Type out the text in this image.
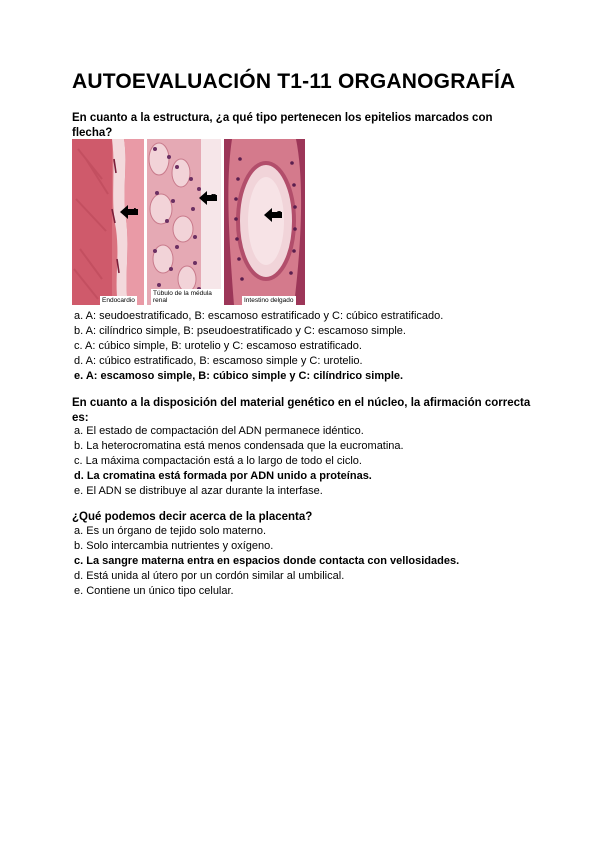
AUTOEVALUACIÓN T1-11 ORGANOGRAFÍA

En cuanto a la estructura, ¿a qué tipo pertenecen los epitelios marcados con flecha?

A
Endocardio
B
Túbulo de la médula renal
C
Intestino delgado
a. A: seudoestratificado, B: escamoso estratificado y C: cúbico estratificado.
b. A: cilíndrico simple, B: pseudoestratificado y C: escamoso simple.
c. A: cúbico simple, B: urotelio y C: escamoso estratificado.
d. A: cúbico estratificado, B: escamoso simple y C: urotelio.
e. A: escamoso simple, B: cúbico simple y C: cilíndrico simple.

En cuanto a la disposición del material genético en el núcleo, la afirmación correcta es:

a. El estado de compactación del ADN permanece idéntico.
b. La heterocromatina está menos condensada que la eucromatina.
c. La máxima compactación está a lo largo de todo el ciclo.
d. La cromatina está formada por ADN unido a proteínas.
e. El ADN se distribuye al azar durante la interfase.

¿Qué podemos decir acerca de la placenta?

a. Es un órgano de tejido solo materno.
b. Solo intercambia nutrientes y oxígeno.
c. La sangre materna entra en espacios donde contacta con vellosidades.
d. Está unida al útero por un cordón similar al umbilical.
e. Contiene un único tipo celular.
